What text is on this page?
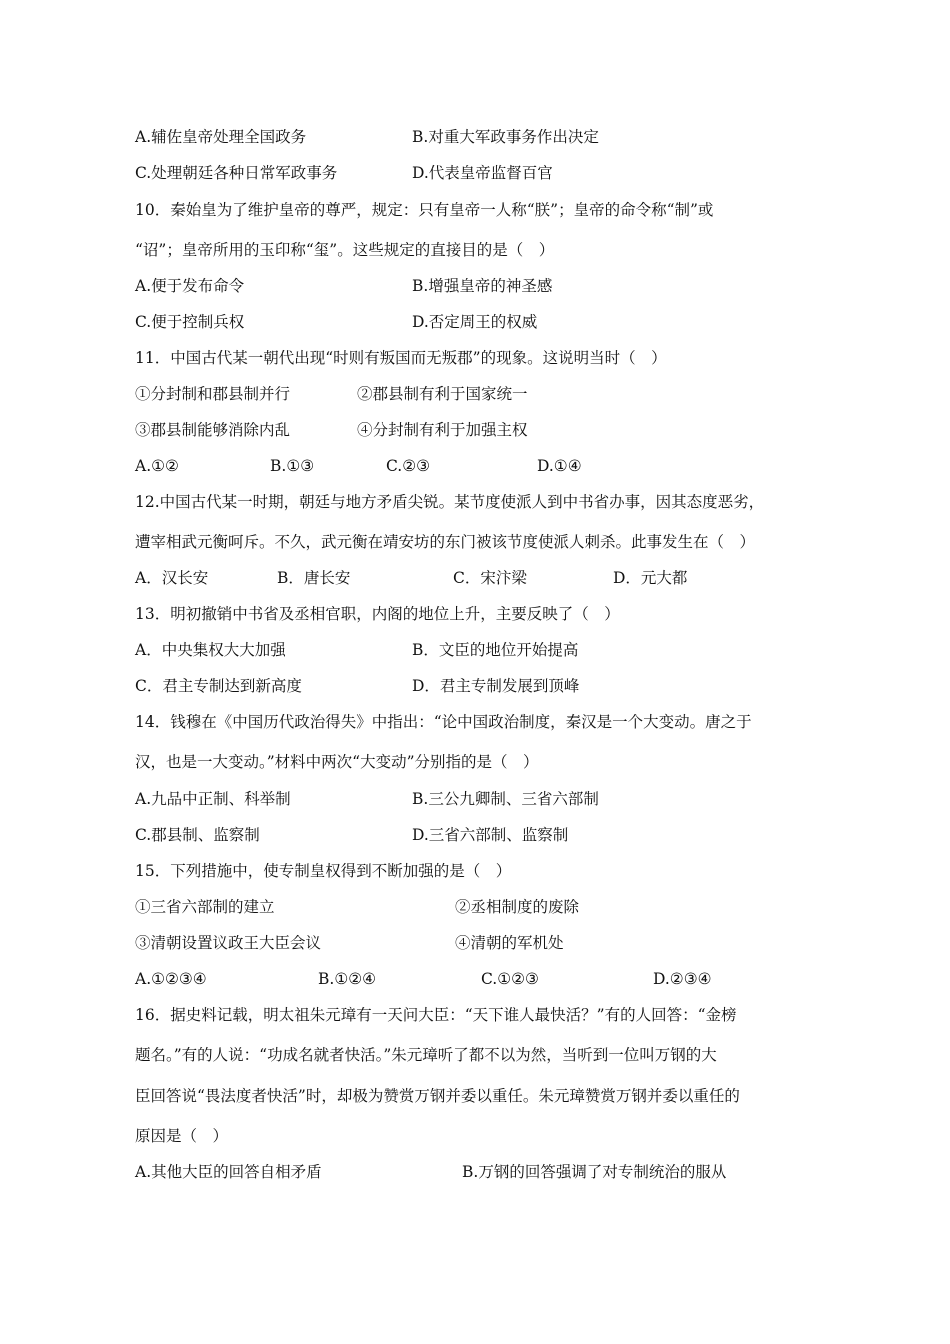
A.辅佐皇帝处理全国政务	B.对重大军政事务作出决定
C.处理朝廷各种日常军政事务	D.代表皇帝监督百官
10．秦始皇为了维护皇帝的尊严，规定：只有皇帝一人称“朕”；皇帝的命令称“制”或
“诏”；皇帝所用的玉印称“玺”。这些规定的直接目的是（　）
A.便于发布命令	B.增强皇帝的神圣感
C.便于控制兵权	D.否定周王的权威
11．中国古代某一朝代出现“时则有叛国而无叛郡”的现象。这说明当时（　）
①分封制和郡县制并行	②郡县制有利于国家统一
③郡县制能够消除内乱	④分封制有利于加强主权
A.①②	B.①③	C.②③	D.①④
12.中国古代某一时期，朝廷与地方矛盾尖锐。某节度使派人到中书省办事，因其态度恶劣，
遭宰相武元衡呵斥。不久，武元衡在靖安坊的东门被该节度使派人刺杀。此事发生在（　）
A．汉长安	B．唐长安	C．宋汴梁	D．元大都
13．明初撤销中书省及丞相官职，内阁的地位上升，主要反映了（　）
A．中央集权大大加强	B．文臣的地位开始提高
C．君主专制达到新高度	D．君主专制发展到顶峰
14．钱穆在《中国历代政治得失》中指出：“论中国政治制度，秦汉是一个大变动。唐之于
汉，也是一大变动。”材料中两次“大变动”分别指的是（　）
A.九品中正制、科举制	B.三公九卿制、三省六部制
C.郡县制、监察制	D.三省六部制、监察制
15．下列措施中，使专制皇权得到不断加强的是（　）
①三省六部制的建立	②丞相制度的废除
③清朝设置议政王大臣会议	④清朝的军机处
A.①②③④	B.①②④	C.①②③	D.②③④
16．据史料记载，明太祖朱元璋有一天问大臣：“天下谁人最快活？”有的人回答：“金榜
题名。”有的人说：“功成名就者快活。”朱元璋听了都不以为然，当听到一位叫万钢的大
臣回答说“畏法度者快活”时，却极为赞赏万钢并委以重任。朱元璋赞赏万钢并委以重任的
原因是（　）
A.其他大臣的回答自相矛盾	B.万钢的回答强调了对专制统治的服从
